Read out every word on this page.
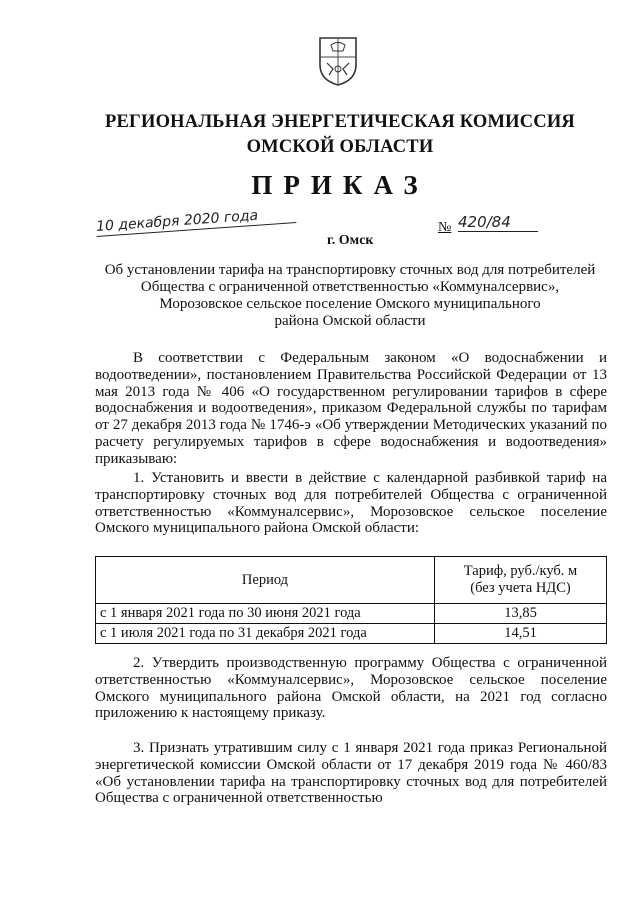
РЕГИОНАЛЬНАЯ ЭНЕРГЕТИЧЕСКАЯ КОМИССИЯ
ОМСКОЙ ОБЛАСТИ
ПРИКАЗ
10 декабря 2020 года	№ 420/84
г. Омск
Об установлении тарифа на транспортировку сточных вод для потребителей
Общества с ограниченной ответственностью «Коммуналсервис»,
Морозовское сельское поселение Омского муниципального
района Омской области

В соответствии с Федеральным законом «О водоснабжении и водоотведении», постановлением Правительства Российской Федерации от 13 мая 2013 года № 406 «О государственном регулировании тарифов в сфере водоснабжения и водоотведения», приказом Федеральной службы по тарифам от 27 декабря 2013 года № 1746-э «Об утверждении Методических указаний по расчету регулируемых тарифов в сфере водоснабжения и водоотведения» приказываю:

1. Установить и ввести в действие с календарной разбивкой тариф на транспортировку сточных вод для потребителей Общества с ограниченной ответственностью «Коммуналсервис», Морозовское сельское поселение Омского муниципального района Омской области:

Период	Тариф, руб./куб. м
(без учета НДС)

с 1 января 2021 года по 30 июня 2021 года	13,85
с 1 июля 2021 года по 31 декабря 2021 года	14,51

2. Утвердить производственную программу Общества с ограниченной ответственностью «Коммуналсервис», Морозовское сельское поселение Омского муниципального района Омской области, на 2021 год согласно приложению к настоящему приказу.

3. Признать утратившим силу с 1 января 2021 года приказ Региональной энергетической комиссии Омской области от 17 декабря 2019 года № 460/83 «Об установлении тарифа на транспортировку сточных вод для потребителей Общества с ограниченной ответственностью
